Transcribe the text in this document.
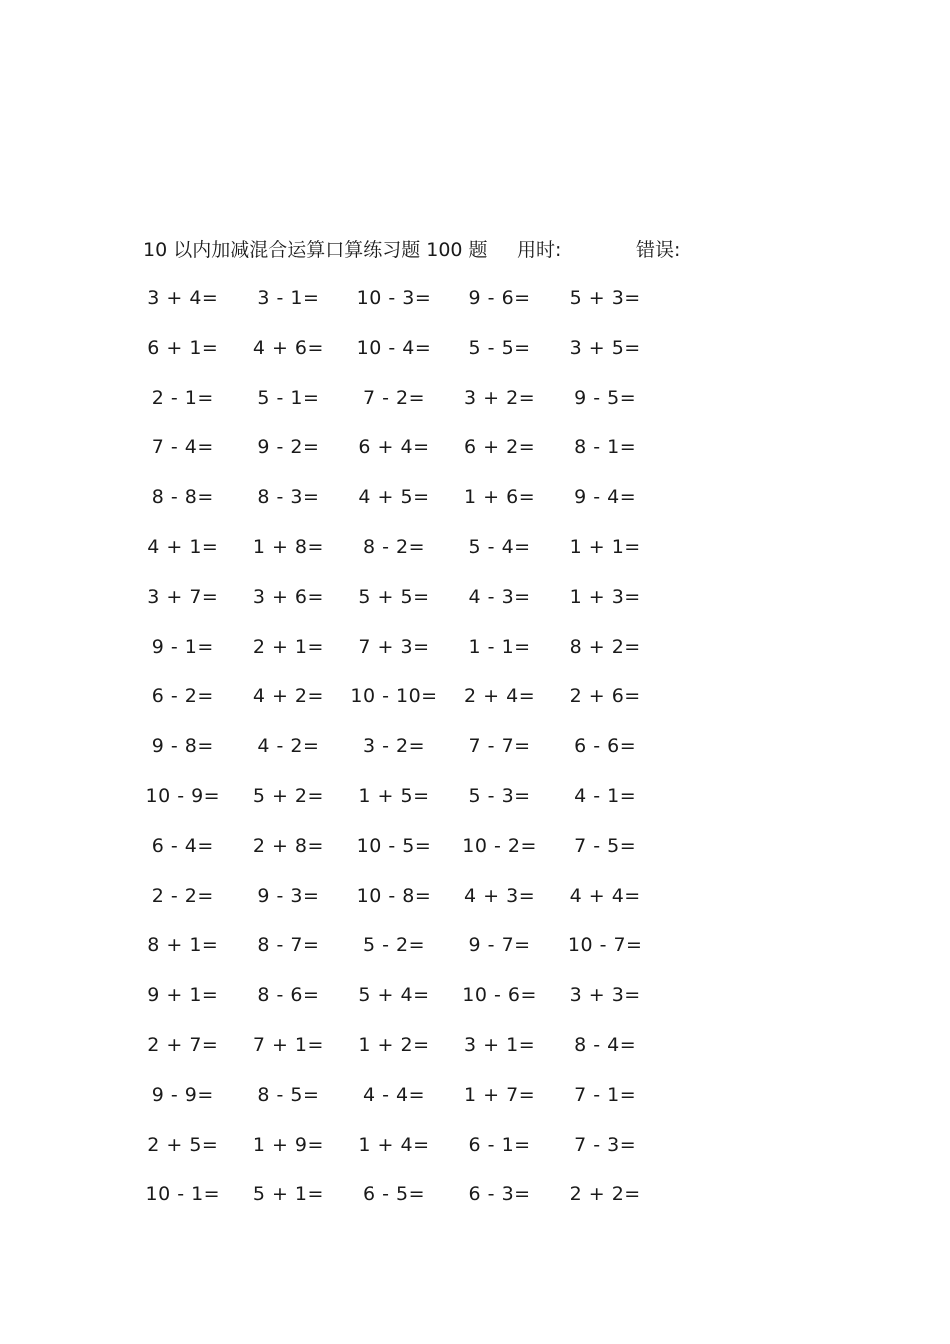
10 以内加减混合运算口算练习题 100 题 用时:	错误:
3 + 4=	3 - 1=	10 - 3=	9 - 6=	5 + 3=
6 + 1=	4 + 6=	10 - 4=	5 - 5=	3 + 5=
2 - 1=	5 - 1=	7 - 2=	3 + 2=	9 - 5=
7 - 4=	9 - 2=	6 + 4=	6 + 2=	8 - 1=
8 - 8=	8 - 3=	4 + 5=	1 + 6=	9 - 4=
4 + 1=	1 + 8=	8 - 2=	5 - 4=	1 + 1=
3 + 7=	3 + 6=	5 + 5=	4 - 3=	1 + 3=
9 - 1=	2 + 1=	7 + 3=	1 - 1=	8 + 2=
6 - 2=	4 + 2=	10 - 10=	2 + 4=	2 + 6=
9 - 8=	4 - 2=	3 - 2=	7 - 7=	6 - 6=
10 - 9=	5 + 2=	1 + 5=	5 - 3=	4 - 1=
6 - 4=	2 + 8=	10 - 5=	10 - 2=	7 - 5=
2 - 2=	9 - 3=	10 - 8=	4 + 3=	4 + 4=
8 + 1=	8 - 7=	5 - 2=	9 - 7=	10 - 7=
9 + 1=	8 - 6=	5 + 4=	10 - 6=	3 + 3=
2 + 7=	7 + 1=	1 + 2=	3 + 1=	8 - 4=
9 - 9=	8 - 5=	4 - 4=	1 + 7=	7 - 1=
2 + 5=	1 + 9=	1 + 4=	6 - 1=	7 - 3=
10 - 1=	5 + 1=	6 - 5=	6 - 3=	2 + 2=
